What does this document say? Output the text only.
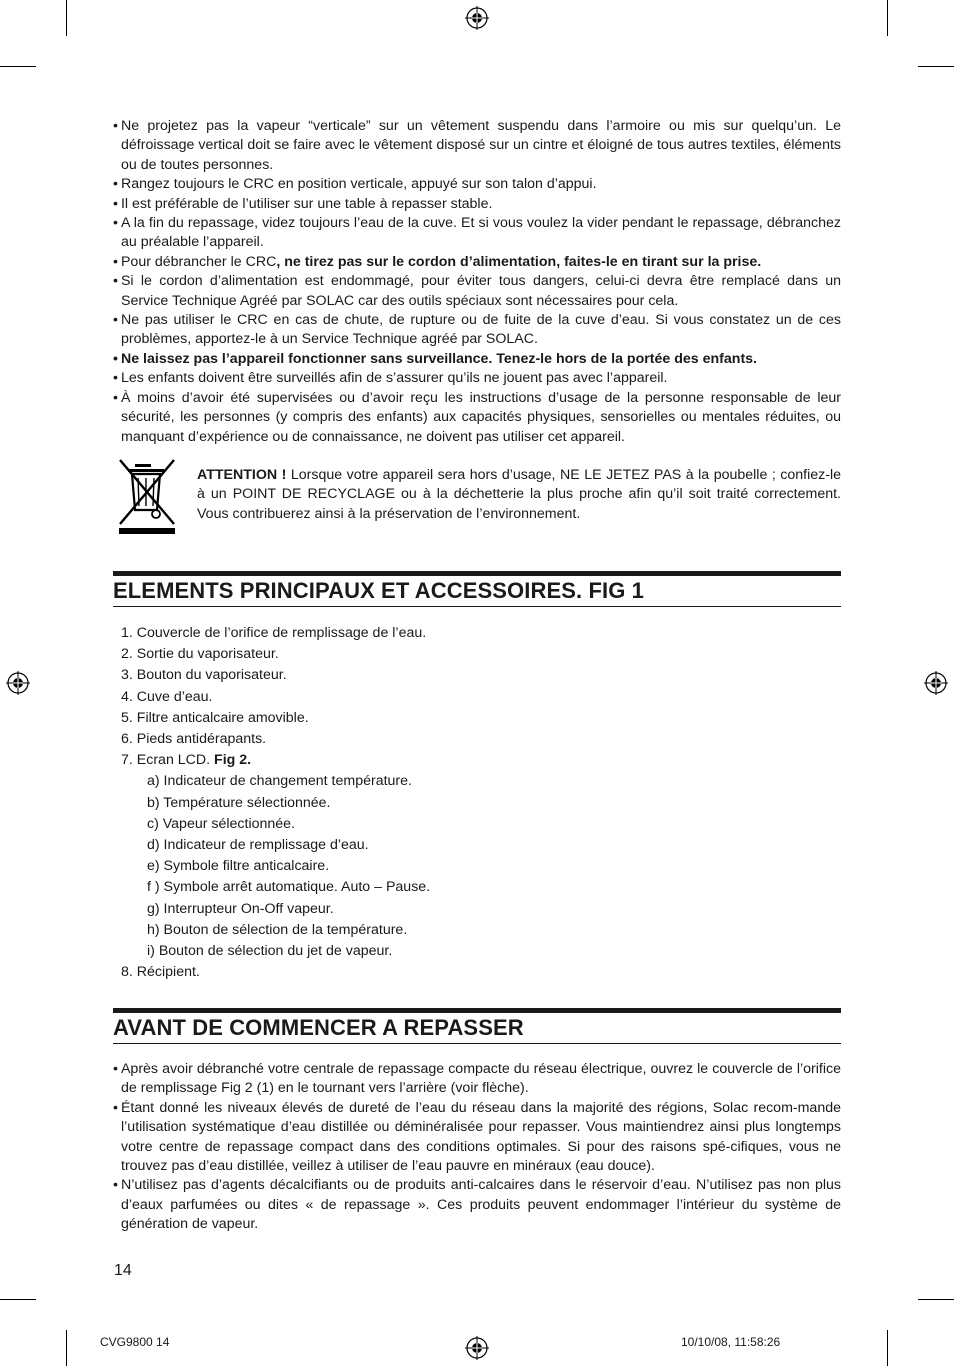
• Ne projetez pas la vapeur “verticale” sur un vêtement suspendu dans l’armoire ou mis sur quelqu’un. Le défroissage vertical doit se faire avec le vêtement disposé sur un cintre et éloigné de tous autres textiles, éléments ou de toutes personnes.
• Rangez toujours le CRC en position verticale, appuyé sur son talon d’appui.
• Il est préférable de l’utiliser sur une table à repasser stable.
• A la fin du repassage, videz toujours l’eau de la cuve. Et si vous voulez la vider pendant le repassage, débranchez au préalable l’appareil.
• Pour débrancher le CRC, ne tirez pas sur le cordon d’alimentation, faites-le en tirant sur la prise.
• Si le cordon d’alimentation est endommagé, pour éviter tous dangers, celui-ci devra être remplacé dans un Service Technique Agréé par SOLAC car des outils spéciaux sont nécessaires pour cela.
• Ne pas utiliser le CRC en cas de chute, de rupture ou de fuite de la cuve d’eau. Si vous constatez un de ces problèmes, apportez-le à un Service Technique agréé par SOLAC.
• Ne laissez pas l’appareil fonctionner sans surveillance. Tenez-le hors de la portée des enfants.
• Les enfants doivent être surveillés afin de s’assurer qu’ils ne jouent pas avec l’appareil.
• À moins d’avoir été supervisées ou d’avoir reçu les instructions d’usage de la personne responsable de leur sécurité, les personnes (y compris des enfants) aux capacités physiques, sensorielles ou mentales réduites, ou manquant d’expérience ou de connaissance, ne doivent pas utiliser cet appareil.
ATTENTION ! Lorsque votre appareil sera hors d’usage, NE LE JETEZ PAS à la poubelle ; confiez-le à un POINT DE RECYCLAGE ou à la déchetterie la plus proche afin qu’il soit traité correctement. Vous contribuerez ainsi à la préservation de l’environnement.
ELEMENTS PRINCIPAUX ET ACCESSOIRES. FIG 1
1. Couvercle de l’orifice de remplissage de l’eau.
2. Sortie du vaporisateur.
3. Bouton du vaporisateur.
4. Cuve d’eau.
5. Filtre anticalcaire amovible.
6. Pieds antidérapants.
7. Ecran LCD. Fig 2.
a) Indicateur de changement température.
b) Température sélectionnée.
c) Vapeur sélectionnée.
d) Indicateur de remplissage d’eau.
e) Symbole filtre anticalcaire.
f ) Symbole arrêt automatique. Auto – Pause.
g) Interrupteur On-Off vapeur.
h) Bouton de sélection de la température.
i) Bouton de sélection du jet de vapeur.
8. Récipient.
AVANT DE COMMENCER A REPASSER
• Après avoir débranché votre centrale de repassage compacte du réseau électrique, ouvrez le couvercle de l’orifice de remplissage Fig 2 (1) en le tournant vers l’arrière (voir flèche).
• Étant donné les niveaux élevés de dureté de l’eau du réseau dans la majorité des régions, Solac recom-mande l’utilisation systématique d’eau distillée ou déminéralisée pour repasser. Vous maintiendrez ainsi plus longtemps votre centre de repassage compact dans des conditions optimales. Si pour des raisons spé-cifiques, vous ne trouvez pas d’eau distillée, veillez à utiliser de l’eau pauvre en minéraux (eau douce).
• N’utilisez pas d’agents décalcifiants ou de produits anti-calcaires dans le réservoir d’eau. N’utilisez pas non plus d’eaux parfumées ou dites « de repassage ». Ces produits peuvent endommager l’intérieur du système de génération de vapeur.
14
CVG9800 14	10/10/08, 11:58:26
